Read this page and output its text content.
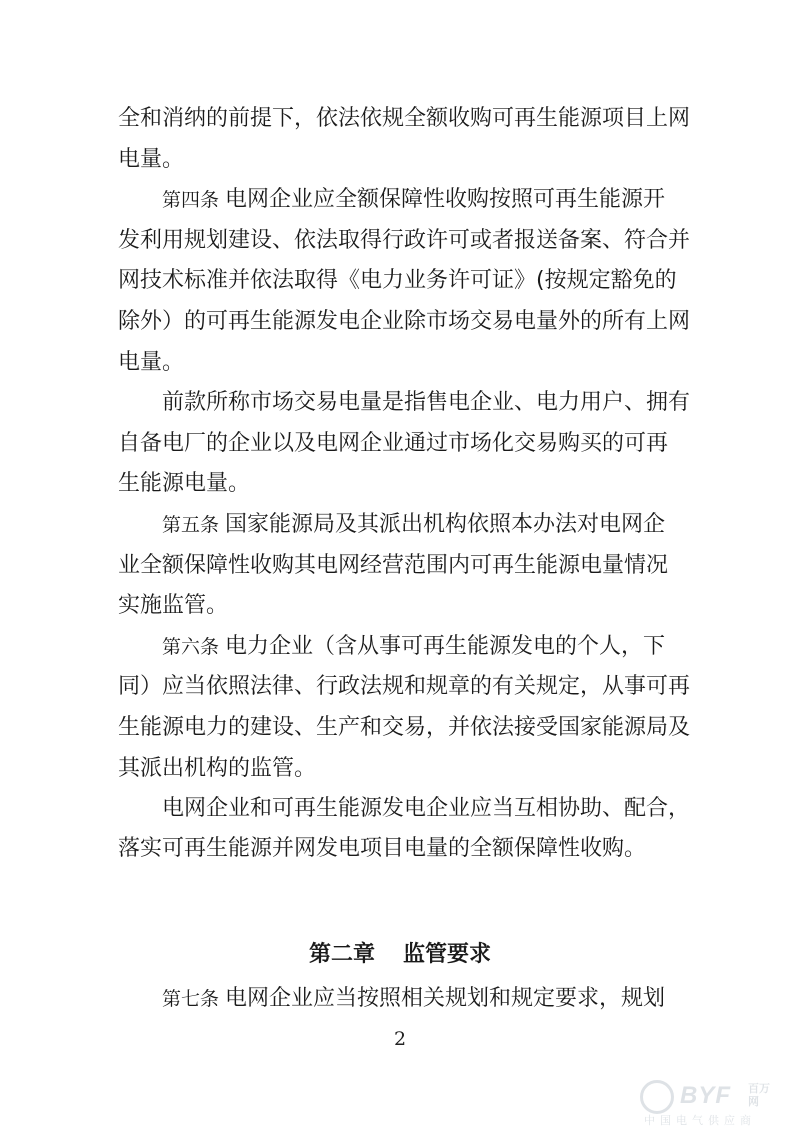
全和消纳的前提下，依法依规全额收购可再生能源项目上网
电量。
第四条 电网企业应全额保障性收购按照可再生能源开
发利用规划建设、依法取得行政许可或者报送备案、符合并
网技术标准并依法取得《电力业务许可证》(按规定豁免的
除外）的可再生能源发电企业除市场交易电量外的所有上网
电量。
前款所称市场交易电量是指售电企业、电力用户、拥有
自备电厂的企业以及电网企业通过市场化交易购买的可再
生能源电量。
第五条 国家能源局及其派出机构依照本办法对电网企
业全额保障性收购其电网经营范围内可再生能源电量情况
实施监管。
第六条 电力企业（含从事可再生能源发电的个人，下
同）应当依照法律、行政法规和规章的有关规定，从事可再
生能源电力的建设、生产和交易，并依法接受国家能源局及
其派出机构的监管。
电网企业和可再生能源发电企业应当互相协助、配合，
落实可再生能源并网发电项目电量的全额保障性收购。
第二章 监管要求
第七条 电网企业应当按照相关规划和规定要求，规划
2
BYF 百万
网
中国电气供应商
